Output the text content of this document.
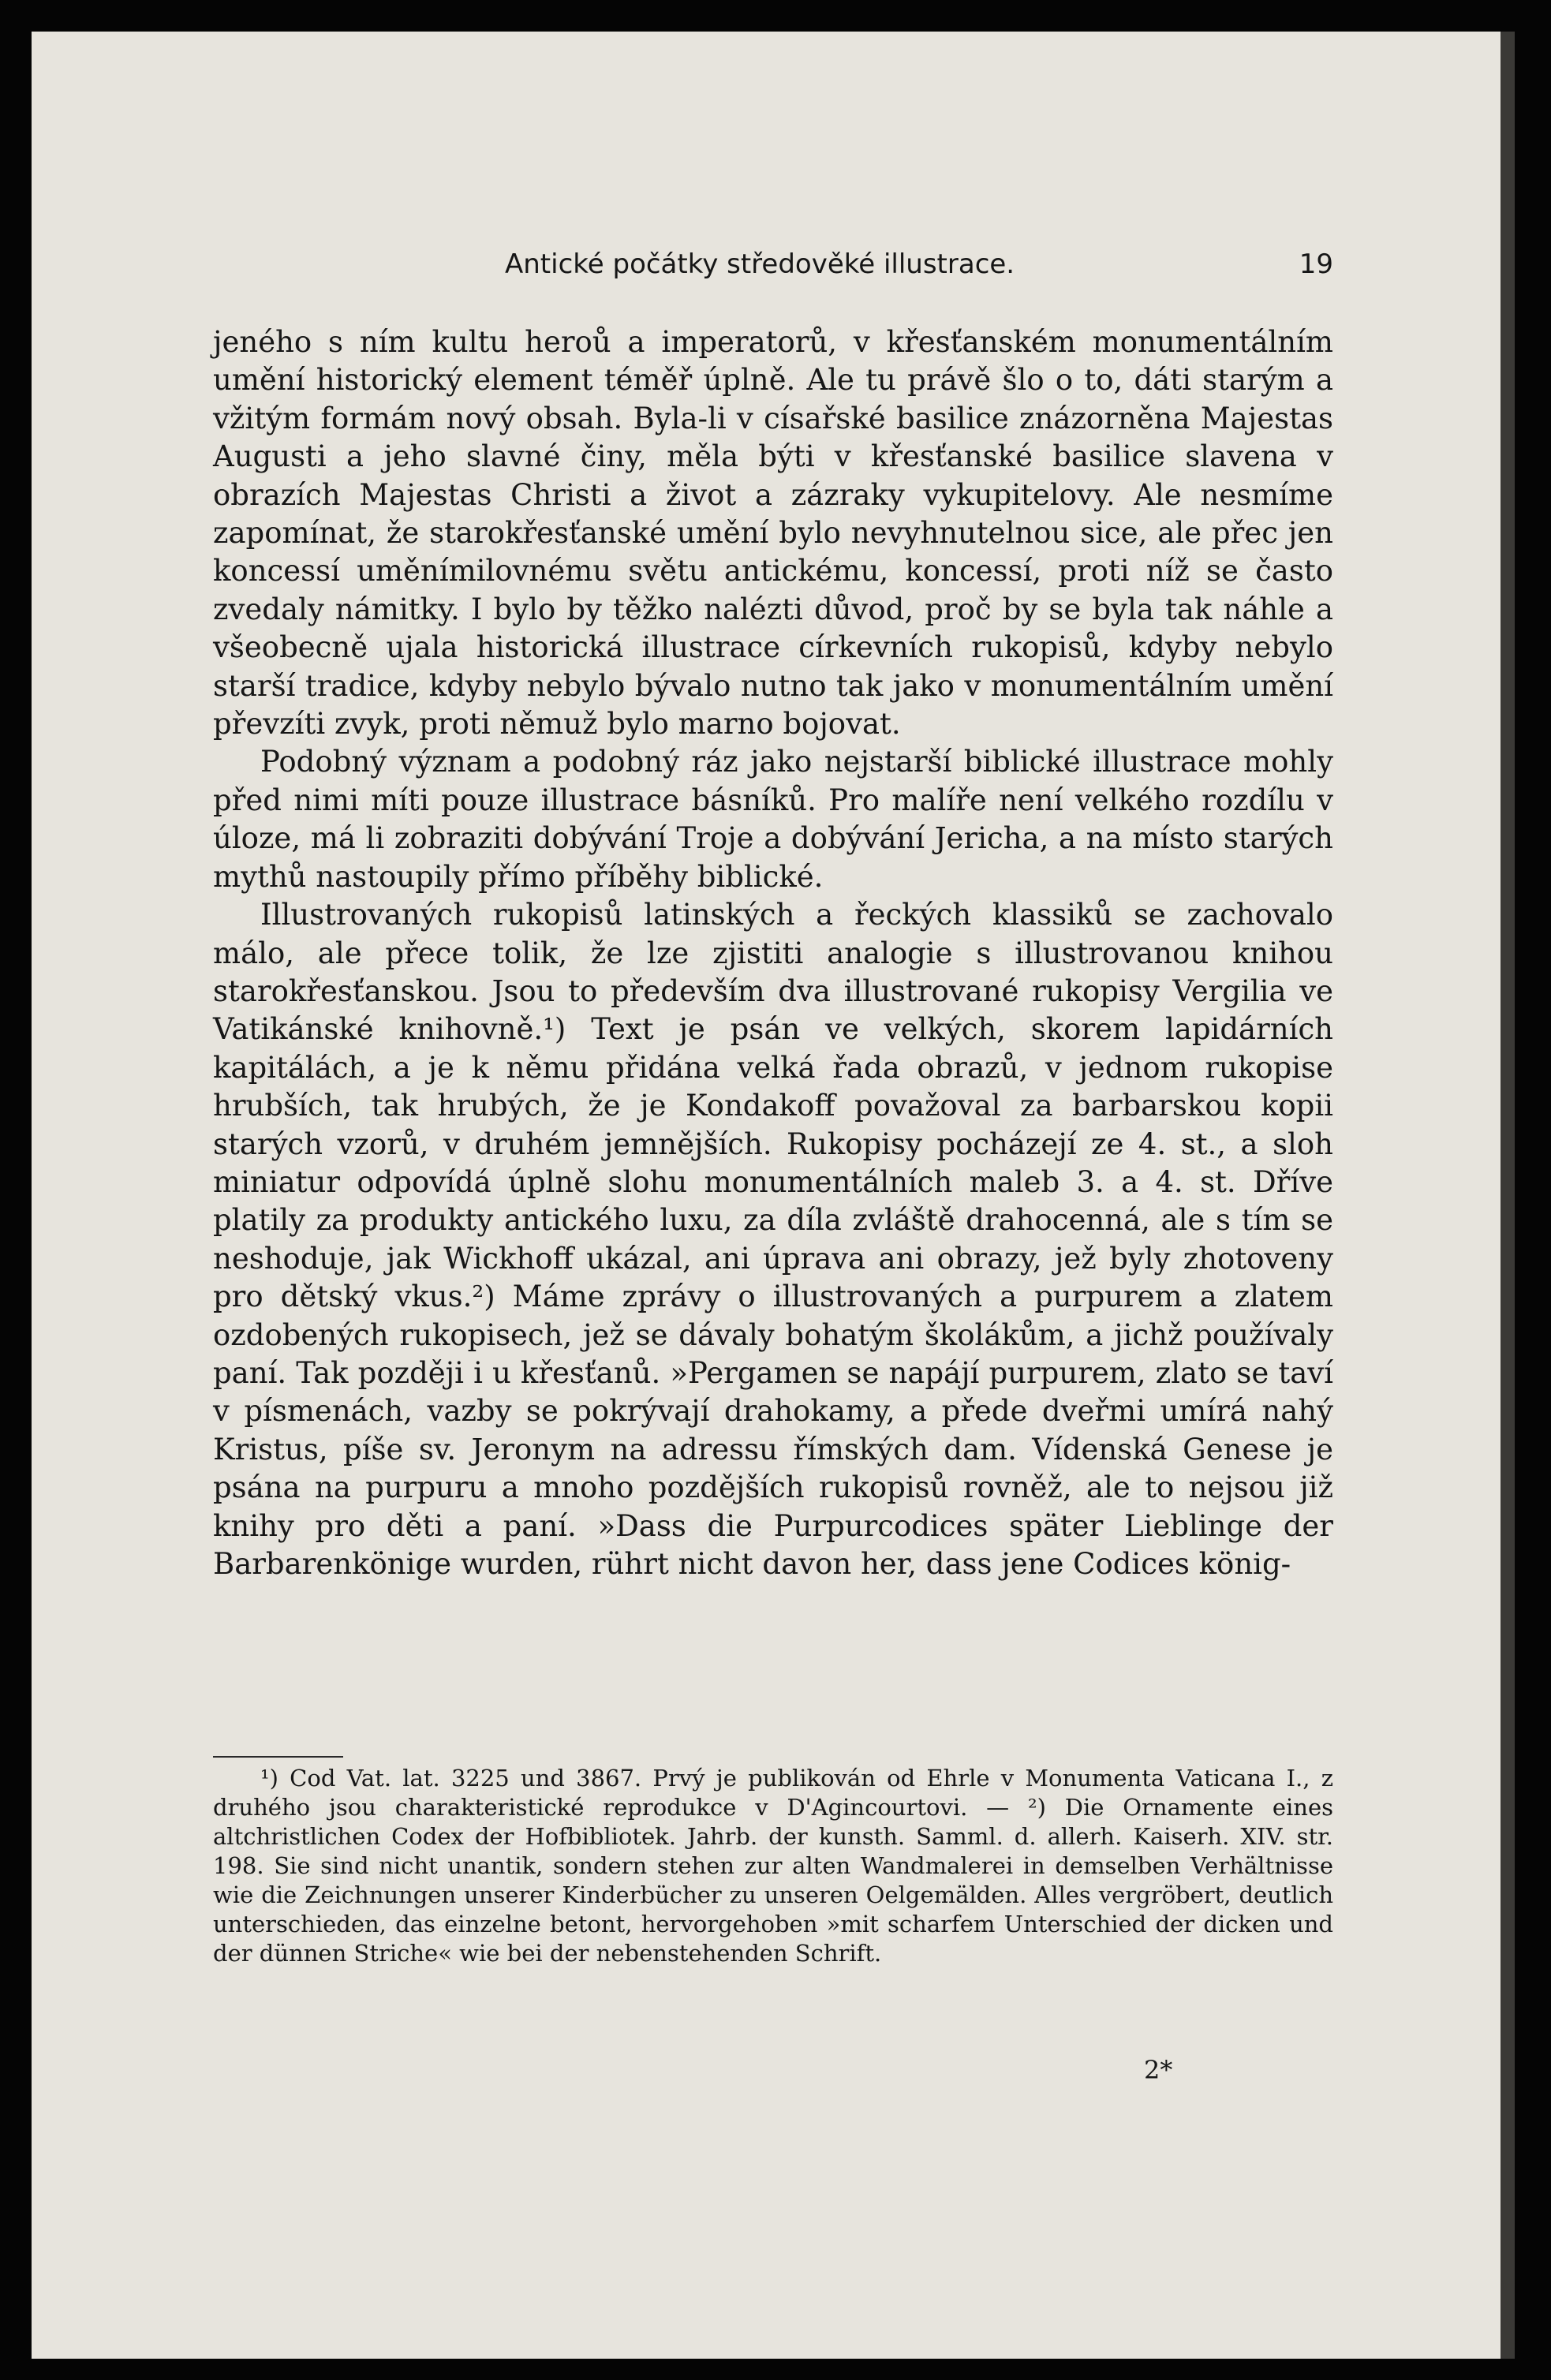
Antické počátky středověké illustrace.	19

jeného s ním kultu heroů a imperatorů, v křesťanském monumentálním umění historický element téměř úplně. Ale tu právě šlo o to, dáti starým a vžitým formám nový obsah. Byla-li v císařské basilice znázorněna Majestas Augusti a jeho slavné činy, měla býti v křesťanské basilice slavena v obrazích Majestas Christi a život a zázraky vykupitelovy. Ale nesmíme zapomínat, že starokřesťanské umění bylo nevyhnutelnou sice, ale přec jen koncessí uměnímilovnému světu antickému, koncessí, proti níž se často zvedaly námitky. I bylo by těžko nalézti důvod, proč by se byla tak náhle a všeobecně ujala historická illustrace církevních rukopisů, kdyby nebylo starší tradice, kdyby nebylo bývalo nutno tak jako v monumentálním umění převzíti zvyk, proti němuž bylo marno bojovat.

Podobný význam a podobný ráz jako nejstarší biblické illustrace mohly před nimi míti pouze illustrace básníků. Pro malíře není velkého rozdílu v úloze, má li zobraziti dobývání Troje a dobývání Jericha, a na místo starých mythů nastoupily přímo příběhy biblické.

Illustrovaných rukopisů latinských a řeckých klassiků se zachovalo málo, ale přece tolik, že lze zjistiti analogie s illustrovanou knihou starokřesťanskou. Jsou to především dva illustrované rukopisy Vergilia ve Vatikánské knihovně.¹) Text je psán ve velkých, skorem lapidárních kapitálách, a je k němu přidána velká řada obrazů, v jednom rukopise hrubších, tak hrubých, že je Kondakoff považoval za barbarskou kopii starých vzorů, v druhém jemnějších. Rukopisy pocházejí ze 4. st., a sloh miniatur odpovídá úplně slohu monumentálních maleb 3. a 4. st. Dříve platily za produkty antického luxu, za díla zvláště drahocenná, ale s tím se neshoduje, jak Wickhoff ukázal, ani úprava ani obrazy, jež byly zhotoveny pro dětský vkus.²) Máme zprávy o illustrovaných a purpurem a zlatem ozdobených rukopisech, jež se dávaly bohatým školákům, a jichž používaly paní. Tak později i u křesťanů. »Pergamen se napájí purpurem, zlato se taví v písmenách, vazby se pokrývají drahokamy, a přede dveřmi umírá nahý Kristus, píše sv. Jeronym na adressu římských dam. Vídenská Genese je psána na purpuru a mnoho pozdějších rukopisů rovněž, ale to nejsou již knihy pro děti a paní. »Dass die Purpurcodices später Lieblinge der Barbarenkönige wurden, rührt nicht davon her, dass jene Codices könig-

¹) Cod Vat. lat. 3225 und 3867. Prvý je publikován od Ehrle v Monumenta Vaticana I., z druhého jsou charakteristické reprodukce v D'Agincourtovi. — ²) Die Ornamente eines altchristlichen Codex der Hofbibliotek. Jahrb. der kunsth. Samml. d. allerh. Kaiserh. XIV. str. 198. Sie sind nicht unantik, sondern stehen zur alten Wandmalerei in demselben Verhältnisse wie die Zeichnungen unserer Kinderbücher zu unseren Oelgemälden. Alles vergröbert, deutlich unterschieden, das einzelne betont, hervorgehoben »mit scharfem Unterschied der dicken und der dünnen Striche« wie bei der nebenstehenden Schrift.

2*
